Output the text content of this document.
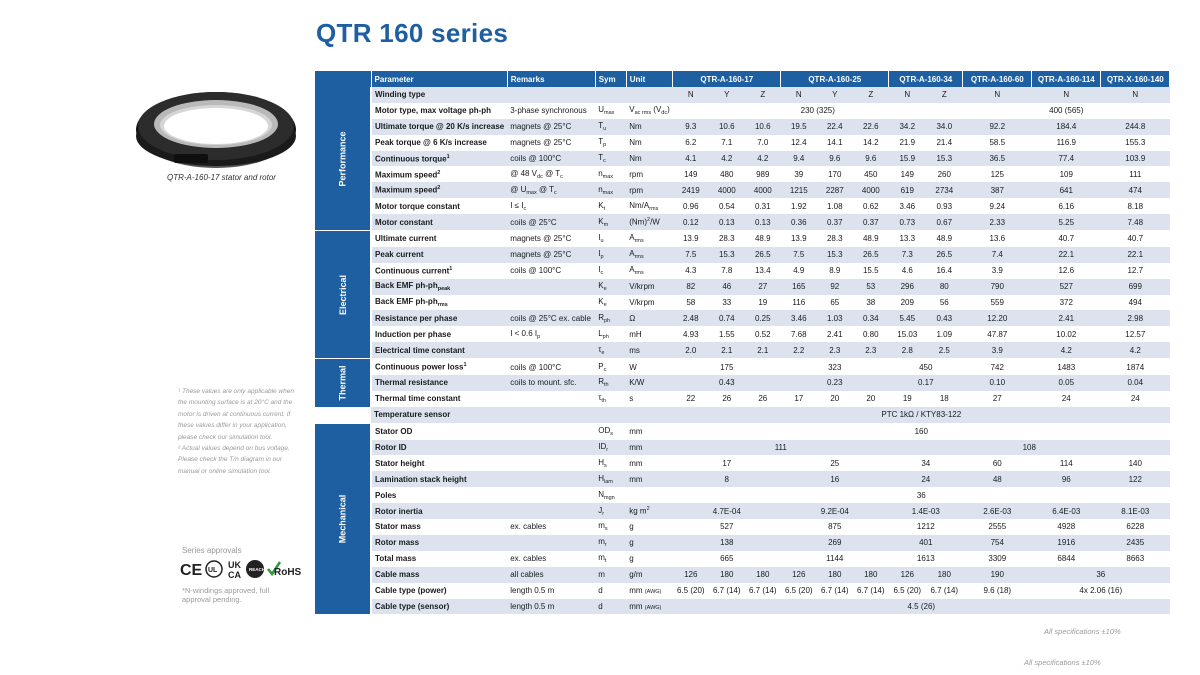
QTR 160 series
QTR-A-160-17 stator and rotor
¹ These values are only applicable when the mounting surface is at 20°C and the motor is driven at continuous current. If these values differ in your application, please check our simulation tool.
² Actual values depend on bus voltage. Please check the T/n diagram in our manual or online simulation tool.
Series approvals
CE UL
UK
CA
REACH RoHS
*N-windings approved, full approval pending.
All specifications ±10%
All specifications ±10%
	Parameter	Remarks	Sym	Unit	QTR-A-160-17			QTR-A-160-25			QTR-A-160-34		QTR-A-160-60	QTR-A-160-114	QTR-X-160-140
Performance	Winding type				N	Y	Z	N	Y	Z	N	Z	N	N	N
	Motor type, max voltage ph-ph	3-phase synchronous	$U_{max}$	$V_{ac rms}$ $(V_{dc})$	230 (325)								400 (565)		
	Ultimate torque @ 20 K/s increase	magnets @ 25°C	$T_u$	Nm	9.3	10.6	10.6	19.5	22.4	22.6	34.2	34.0	92.2	184.4	244.8
	Peak torque @ 6 K/s increase	magnets @ 25°C	$T_p$	Nm	6.2	7.1	7.0	12.4	14.1	14.2	21.9	21.4	58.5	116.9	155.3
	Continuous torque$^1$	coils @ 100°C	$T_c$	Nm	4.1	4.2	4.2	9.4	9.6	9.6	15.9	15.3	36.5	77.4	103.9
	Maximum speed$^2$	@ 48 $V_{dc}$ @ $T_c$	$n_{max}$	rpm	149	480	989	39	170	450	149	260	125	109	111
	Maximum speed$^2$	@ $U_{max}$ @ $T_c$	$n_{max}$	rpm	2419	4000	4000	1215	2287	4000	619	2734	387	641	474
	Motor torque constant	$I \le I_c$	$K_t$	$Nm/A_{rms}$	0.96	0.54	0.31	1.92	1.08	0.62	3.46	0.93	9.24	6.16	8.18
	Motor constant	coils @ 25°C	$K_m$	$(Nm)^2/W$	0.12	0.13	0.13	0.36	0.37	0.37	0.73	0.67	2.33	5.25	7.48
Electrical	Ultimate current	magnets @ 25°C	$I_u$	$A_{rms}$	13.9	28.3	48.9	13.9	28.3	48.9	13.3	48.9	13.6	40.7	40.7
	Peak current	magnets @ 25°C	$I_p$	$A_{rms}$	7.5	15.3	26.5	7.5	15.3	26.5	7.3	26.5	7.4	22.1	22.1
	Continuous current$^1$	coils @ 100°C	$I_c$	$A_{rms}$	4.3	7.8	13.4	4.9	8.9	15.5	4.6	16.4	3.9	12.6	12.7
	Back EMF $ph-ph_{peak}$		$K_e$	V/krpm	82	46	27	165	92	53	296	80	790	527	699
	Back EMF $ph-ph_{rms}$		$K_e$	V/krpm	58	33	19	116	65	38	209	56	559	372	494
	Resistance per phase	coils @ 25°C ex. cable	$R_{ph}$	Ω	2.48	0.74	0.25	3.46	1.03	0.34	5.45	0.43	12.20	2.41	2.98
	Induction per phase	I < 0.6 $I_p$	$L_{ph}$	mH	4.93	1.55	0.52	7.68	2.41	0.80	15.03	1.09	47.87	10.02	12.57
	Electrical time constant		$\tau_e$	ms	2.0	2.1	2.1	2.2	2.3	2.3	2.8	2.5	3.9	4.2	4.2
Thermal	Continuous power loss$^1$	coils @ 100°C	$P_c$	W	175			323			450		742	1483	1874
	Thermal resistance	coils to mount. sfc.	$R_{th}$	K/W	0.43			0.23			0.17		0.10	0.05	0.04
	Thermal time constant		$\tau_{th}$	s	22	26	26	17	20	20	19	18	27	24	24
	Temperature sensor				PTC 1kΩ / KTY83-122										
Mechanical	Stator OD		$OD_s$	mm	160										
	Rotor ID		$ID_r$	mm	111						108				
	Stator height		$H_s$	mm	17			25			34		60	114	140
	Lamination stack height		$H_{lam}$	mm	8			16			24		48	96	122
	Poles		$N_{mgn}$		36										
	Rotor inertia		$J_r$	kg $m^2$	4.7E-04			9.2E-04			1.4E-03		2.6E-03	6.4E-03	8.1E-03
	Stator mass	ex. cables	$m_s$	g	527			875			1212		2555	4928	6228
	Rotor mass		$m_r$	g	138			269			401		754	1916	2435
	Total mass	ex. cables	$m_t$	g	665			1144			1613		3309	6844	8663
	Cable mass	all cables	m	g/m	126	180	180	126	180	180	126	180	190	36	
	Cable type (power)	length 0.5 m	d	mm (AWG)	6.5 (20)	6.7 (14)	6.7 (14)	6.5 (20)	6.7 (14)	6.7 (14)	6.5 (20)	6.7 (14)	9.6 (18)	4x 2.06 (16)	
	Cable type (sensor)	length 0.5 m	d	mm (AWG)	4.5 (26)										
